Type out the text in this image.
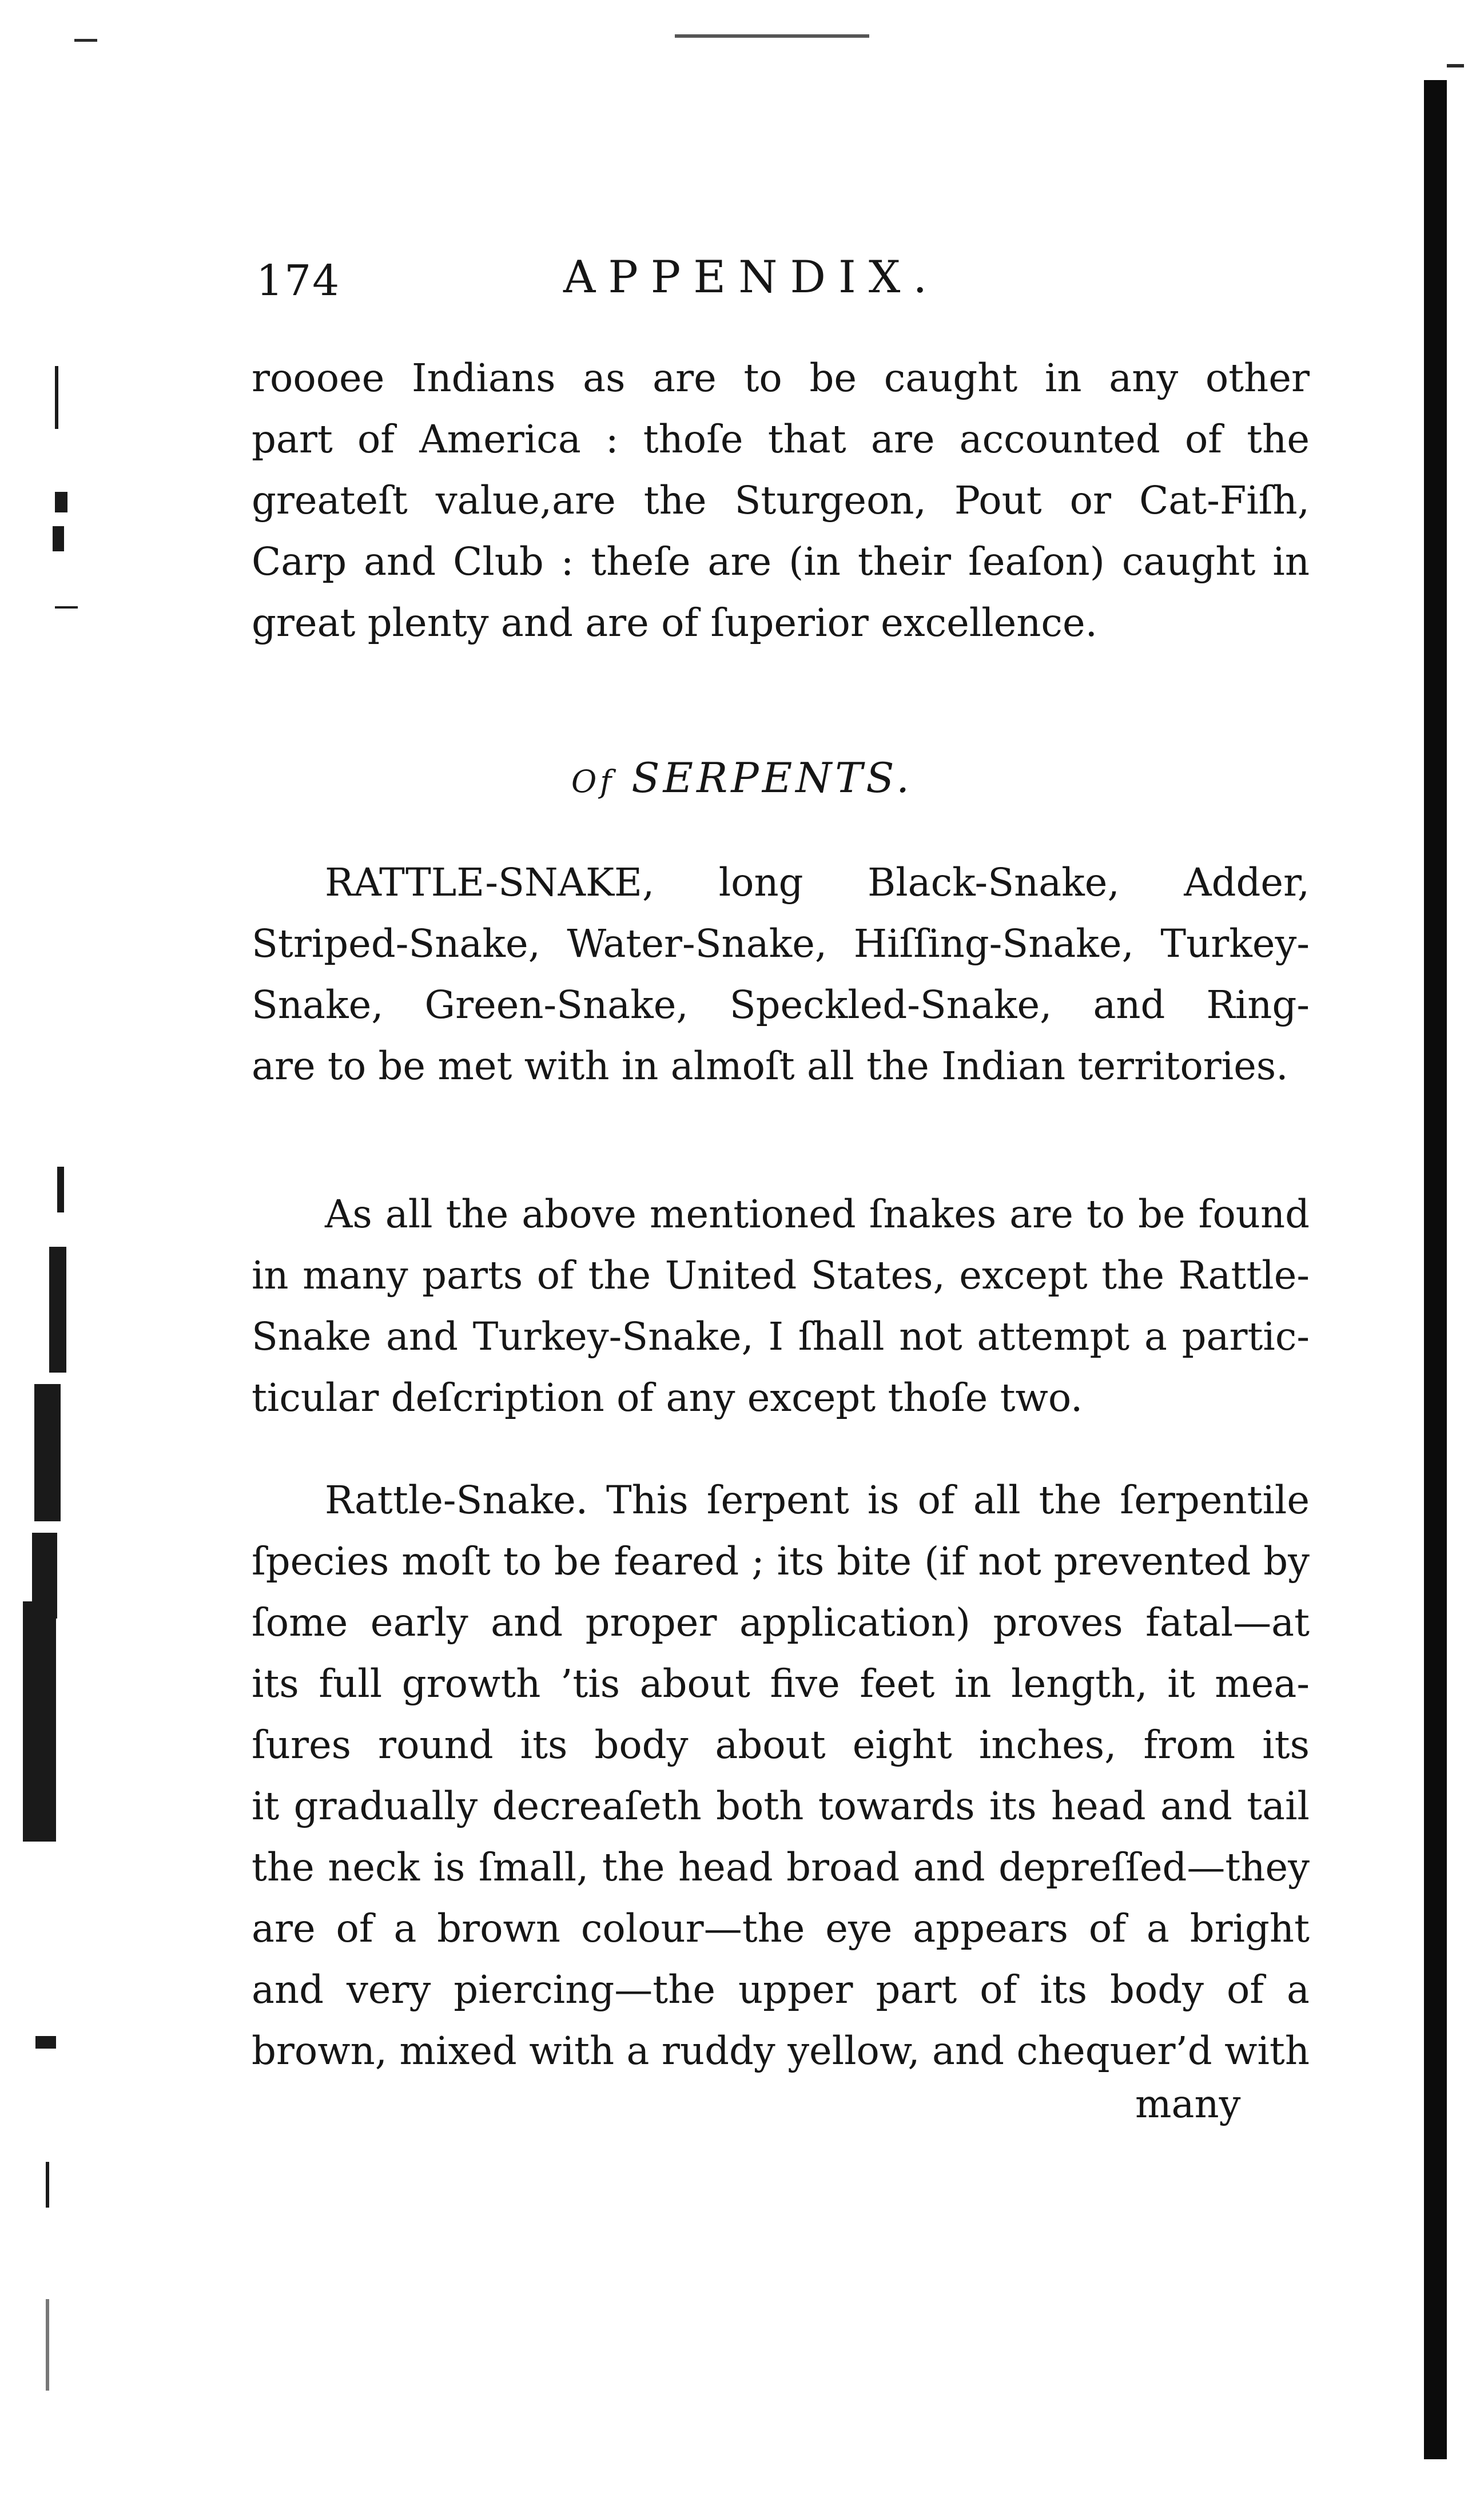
174	APPENDIX.
roooee Indians as are to be caught in any other
part of America : thoſe that are accounted of the
greateſt value,are the Sturgeon, Pout or Cat-Fiſh,
Carp and Club : theſe are (in their ſeaſon) caught in
great plenty and are of ſuperior excellence.
Of SERPENTS.
RATTLE-SNAKE, long Black-Snake, Adder,
Striped-Snake, Water-Snake, Hiſſing-Snake, Turkey-
Snake, Green-Snake, Speckled-Snake, and Ring-
are to be met with in almoſt all the Indian territories.
As all the above mentioned ſnakes are to be found
in many parts of the United States, except the Rattle-
Snake and Turkey-Snake, I ſhall not attempt a partic-
ticular deſcription of any except thoſe two.
Rattle-Snake. This ſerpent is of all the ſerpentile
ſpecies moſt to be feared ; its bite (if not prevented by
ſome early and proper application) proves fatal—at
its full growth ’tis about five feet in length, it mea-
ſures round its body about eight inches, from its
it gradually decreaſeth both towards its head and tail
the neck is ſmall, the head broad and depreſſed—they
are of a brown colour—the eye appears of a bright
and very piercing—the upper part of its body of a
brown, mixed with a ruddy yellow, and chequer’d with
many
